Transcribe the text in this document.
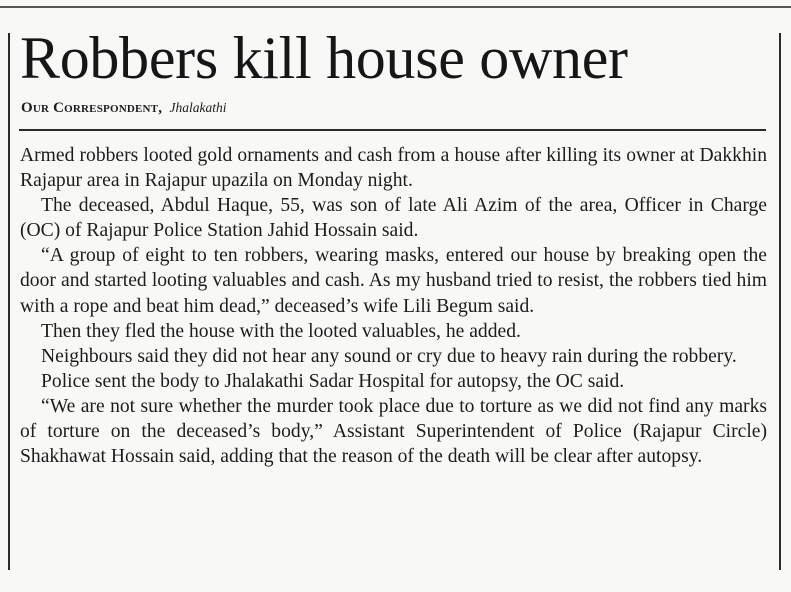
Robbers kill house owner
Our Correspondent, Jhalakathi

Armed robbers looted gold ornaments and cash from a house after killing its owner at Dakkhin Rajapur area in Rajapur upazila on Monday night.

The deceased, Abdul Haque, 55, was son of late Ali Azim of the area, Officer in Charge (OC) of Rajapur Police Station Jahid Hossain said.

“A group of eight to ten robbers, wearing masks, entered our house by breaking open the door and started looting valuables and cash. As my husband tried to resist, the robbers tied him with a rope and beat him dead,” deceased’s wife Lili Begum said.

Then they fled the house with the looted valuables, he added.

Neighbours said they did not hear any sound or cry due to heavy rain during the robbery.

Police sent the body to Jhalakathi Sadar Hospital for autopsy, the OC said.

“We are not sure whether the murder took place due to torture as we did not find any marks of torture on the deceased’s body,” Assistant Superintendent of Police (Rajapur Circle) Shakhawat Hossain said, adding that the reason of the death will be clear after autopsy.
